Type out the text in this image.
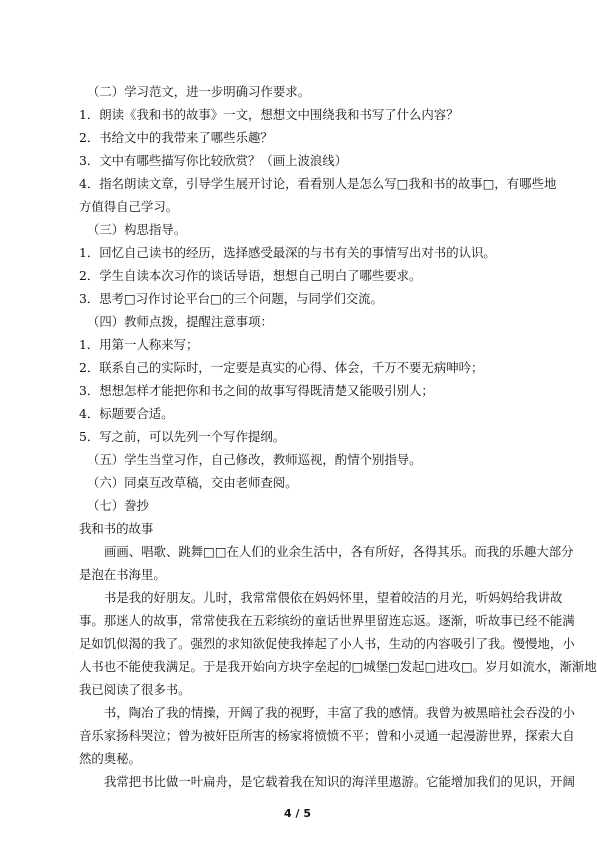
（二）学习范文，进一步明确习作要求。
1．朗读《我和书的故事》一文，想想文中围绕我和书写了什么内容？
2．书给文中的我带来了哪些乐趣？
3．文中有哪些描写你比较欣赏？（画上波浪线）
4．指名朗读文章，引导学生展开讨论，看看别人是怎么写□我和书的故事□，有哪些地
方值得自己学习。
（三）构思指导。
1．回忆自己读书的经历，选择感受最深的与书有关的事情写出对书的认识。
2．学生自读本次习作的谈话导语，想想自己明白了哪些要求。
3．思考□习作讨论平台□的三个问题，与同学们交流。
（四）教师点拨，提醒注意事项：
1．用第一人称来写；
2．联系自己的实际时，一定要是真实的心得、体会，千万不要无病呻吟；
3．想想怎样才能把你和书之间的故事写得既清楚又能吸引别人；
4．标题要合适。
5．写之前，可以先列一个写作提纲。
（五）学生当堂习作，自己修改，教师巡视，酌情个别指导。
（六）同桌互改草稿，交由老师查阅。
（七）誊抄
我和书的故事
画画、唱歌、跳舞□□在人们的业余生活中，各有所好，各得其乐。而我的乐趣大部分
是泡在书海里。
书是我的好朋友。儿时，我常常偎依在妈妈怀里，望着皎洁的月光，听妈妈给我讲故
事。那迷人的故事，常常使我在五彩缤纷的童话世界里留连忘返。逐渐，听故事已经不能满
足如饥似渴的我了。强烈的求知欲促使我捧起了小人书，生动的内容吸引了我。慢慢地，小
人书也不能使我满足。于是我开始向方块字垒起的□城堡□发起□进攻□。岁月如流水，渐渐地
我已阅读了很多书。
书，陶冶了我的情操，开阔了我的视野，丰富了我的感情。我曾为被黑暗社会吞没的小
音乐家扬科哭泣；曾为被奸臣所害的杨家将愤愤不平；曾和小灵通一起漫游世界，探索大自
然的奥秘。
我常把书比做一叶扁舟，是它载着我在知识的海洋里遨游。它能增加我们的见识，开阔
4 / 5
